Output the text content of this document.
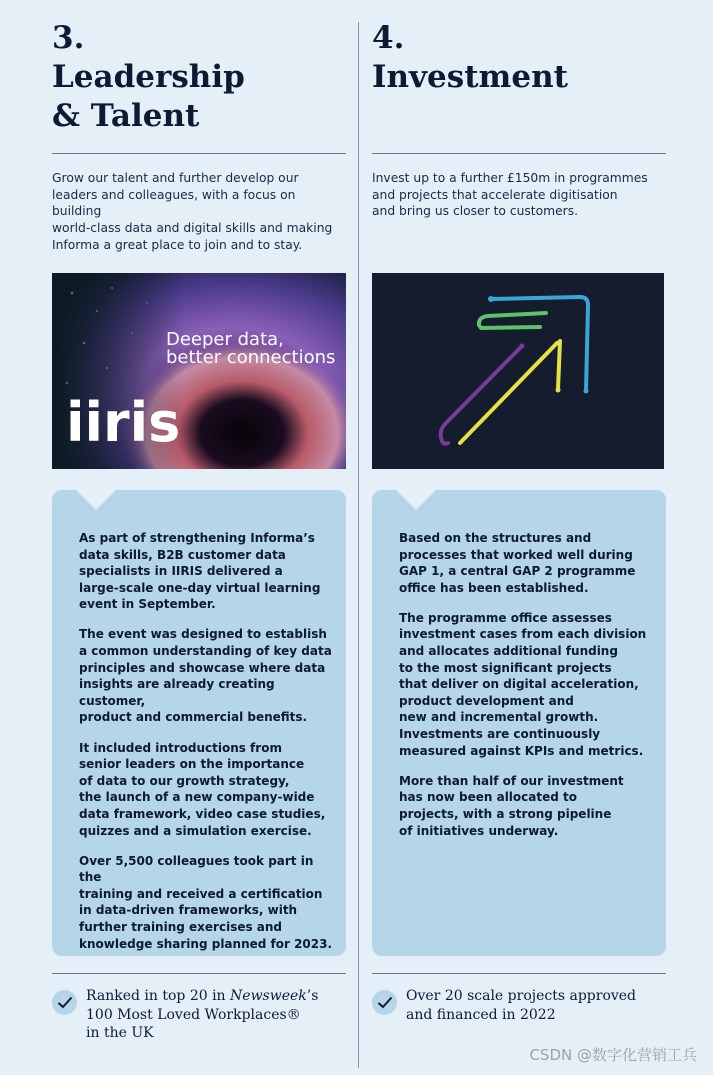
3.
Leadership
& Talent

Grow our talent and further develop our
leaders and colleagues, with a focus on building
world-class data and digital skills and making
Informa a great place to join and to stay.

Deeper data,
better connections
iiris

As part of strengthening Informa’s
data skills, B2B customer data
specialists in IIRIS delivered a
large-scale one-day virtual learning
event in September.

The event was designed to establish
a common understanding of key data
principles and showcase where data
insights are already creating customer,
product and commercial benefits.

It included introductions from
senior leaders on the importance
of data to our growth strategy,
the launch of a new company-wide
data framework, video case studies,
quizzes and a simulation exercise.

Over 5,500 colleagues took part in the
training and received a certification
in data-driven frameworks, with
further training exercises and
knowledge sharing planned for 2023.

Ranked in top 20 in Newsweek’s
100 Most Loved Workplaces®
in the UK
4.
Investment

Invest up to a further £150m in programmes
and projects that accelerate digitisation
and bring us closer to customers.

Based on the structures and
processes that worked well during
GAP 1, a central GAP 2 programme
office has been established.

The programme office assesses
investment cases from each division
and allocates additional funding
to the most significant projects
that deliver on digital acceleration,
product development and
new and incremental growth.
Investments are continuously
measured against KPIs and metrics.

More than half of our investment
has now been allocated to
projects, with a strong pipeline
of initiatives underway.

Over 20 scale projects approved
and financed in 2022
CSDN @数字化营销工兵
